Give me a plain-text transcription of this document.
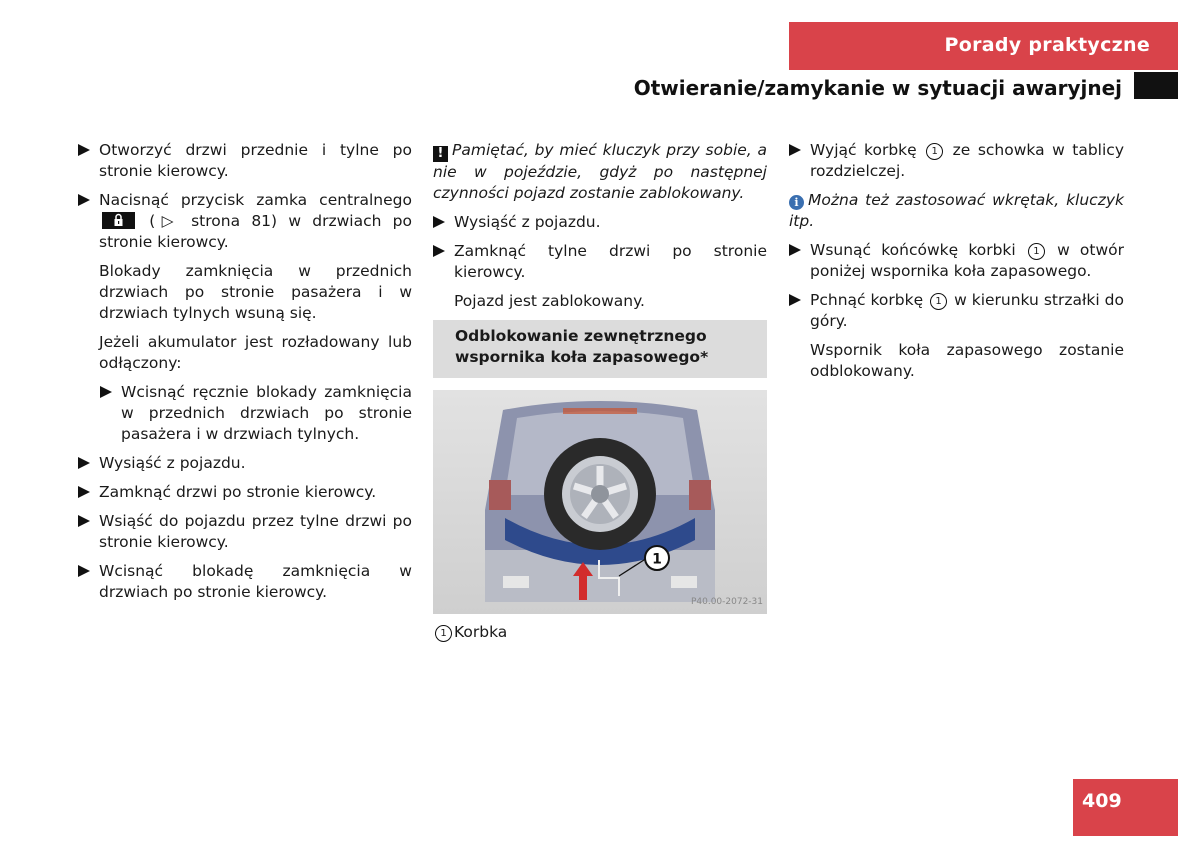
Porady praktyczne
Otwieranie/zamykanie w sytuacji awaryjnej
Otworzyć drzwi przednie i tylne po stronie kierowcy.
Nacisnąć przycisk zamka centralnego  (▷ strona 81) w drzwiach po stronie kierowcy.
Blokady zamknięcia w przednich drzwiach po stronie pasażera i w drzwiach tylnych wsuną się.
Jeżeli akumulator jest rozładowany lub odłączony:
Wcisnąć ręcznie blokady zamknięcia w przednich drzwiach po stronie pasażera i w drzwiach tylnych.
Wysiąść z pojazdu.
Zamknąć drzwi po stronie kierowcy.
Wsiąść do pojazdu przez tylne drzwi po stronie kierowcy.
Wcisnąć blokadę zamknięcia w drzwiach po stronie kierowcy.
! Pamiętać, by mieć kluczyk przy sobie, a nie w pojeździe, gdyż po następnej czynności pojazd zostanie zablokowany.
Wysiąść z pojazdu.
Zamknąć tylne drzwi po stronie kierowcy.
Pojazd jest zablokowany.
Odblokowanie zewnętrznego wspornika koła zapasowego*
1
P40.00-2072-31
1 Korbka
Wyjąć korbkę 1 ze schowka w tablicy rozdzielczej.
i Można też zastosować wkrętak, kluczyk itp.
Wsunąć końcówkę korbki 1 w otwór poniżej wspornika koła zapasowego.
Pchnąć korbkę 1 w kierunku strzałki do góry.
Wspornik koła zapasowego zostanie odblokowany.
409
